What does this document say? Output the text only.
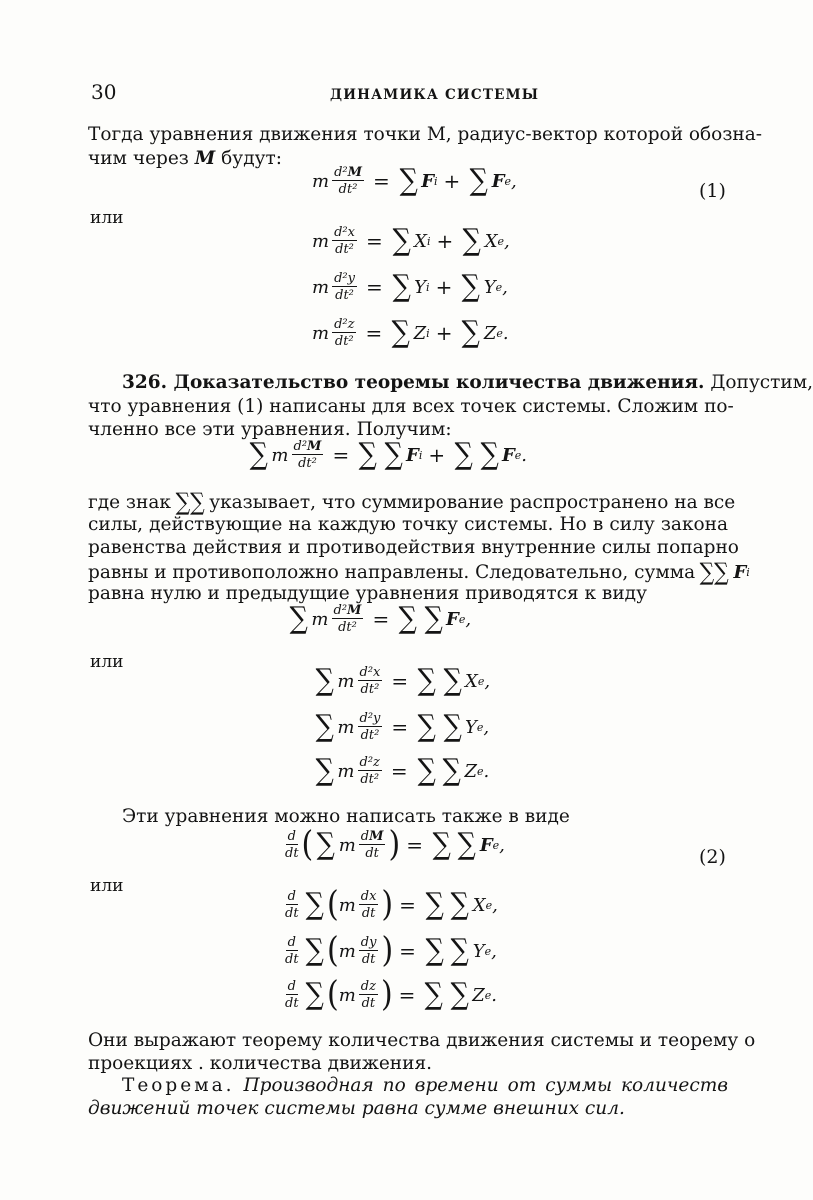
30	ДИНАМИКА СИСТЕМЫ
Тогда уравнения движения точки M, радиус-вектор которой обозна-
чим через M будут:
m $\frac{\text{d²M}}{\text{dt²}}$ = ∑ F i + ∑ F e ,	(1)
или
m $\frac{\text{d²x}}{\text{dt²}}$ = ∑ X i + ∑ X e ,
m $\frac{\text{d²y}}{\text{dt²}}$ = ∑ Y i + ∑ Y e ,
m $\frac{\text{d²z}}{\text{dt²}}$ = ∑ Z i + ∑ Z e .
326. Доказательство теоремы количества движения. Допустим,
что уравнения (1) написаны для всех точек системы. Сложим по-
членно все эти уравнения. Получим:
∑ m $\frac{\text{d²M}}{\text{dt²}}$ = ∑ ∑ F i + ∑ ∑ F e .
где знак ∑∑ указывает, что суммирование распространено на все
силы, действующие на каждую точку системы. Но в силу закона
равенства действия и противодействия внутренние силы попарно
равны и противоположно направлены. Следовательно, сумма ∑∑ F i
равна нулю и предыдущие уравнения приводятся к виду
∑ m $\frac{\text{d²M}}{\text{dt²}}$ = ∑ ∑ F e ,
или
∑ m $\frac{\text{d²x}}{\text{dt²}}$ = ∑ ∑ X e ,
∑ m $\frac{\text{d²y}}{\text{dt²}}$ = ∑ ∑ Y e ,
∑ m $\frac{\text{d²z}}{\text{dt²}}$ = ∑ ∑ Z e .
Эти уравнения можно написать также в виде
$\frac{d}{dt}$ ( ∑ m $\frac{dM}{dt}$ ) = ∑ ∑ F e ,
(2)
или
$\frac{d}{dt}$ ∑ ( m $\frac{dx}{dt}$ ) = ∑ ∑ X e ,
$\frac{d}{dt}$ ∑ ( m $\frac{dy}{dt}$ ) = ∑ ∑ Y e ,
$\frac{d}{dt}$ ∑ ( m $\frac{dz}{dt}$ ) = ∑ ∑ Z e .
Они выражают теорему количества движения системы и теорему о
проекциях . количества движения.
Теорема. Производная по времени от суммы количеств
движений точек системы равна сумме внешних сил.
